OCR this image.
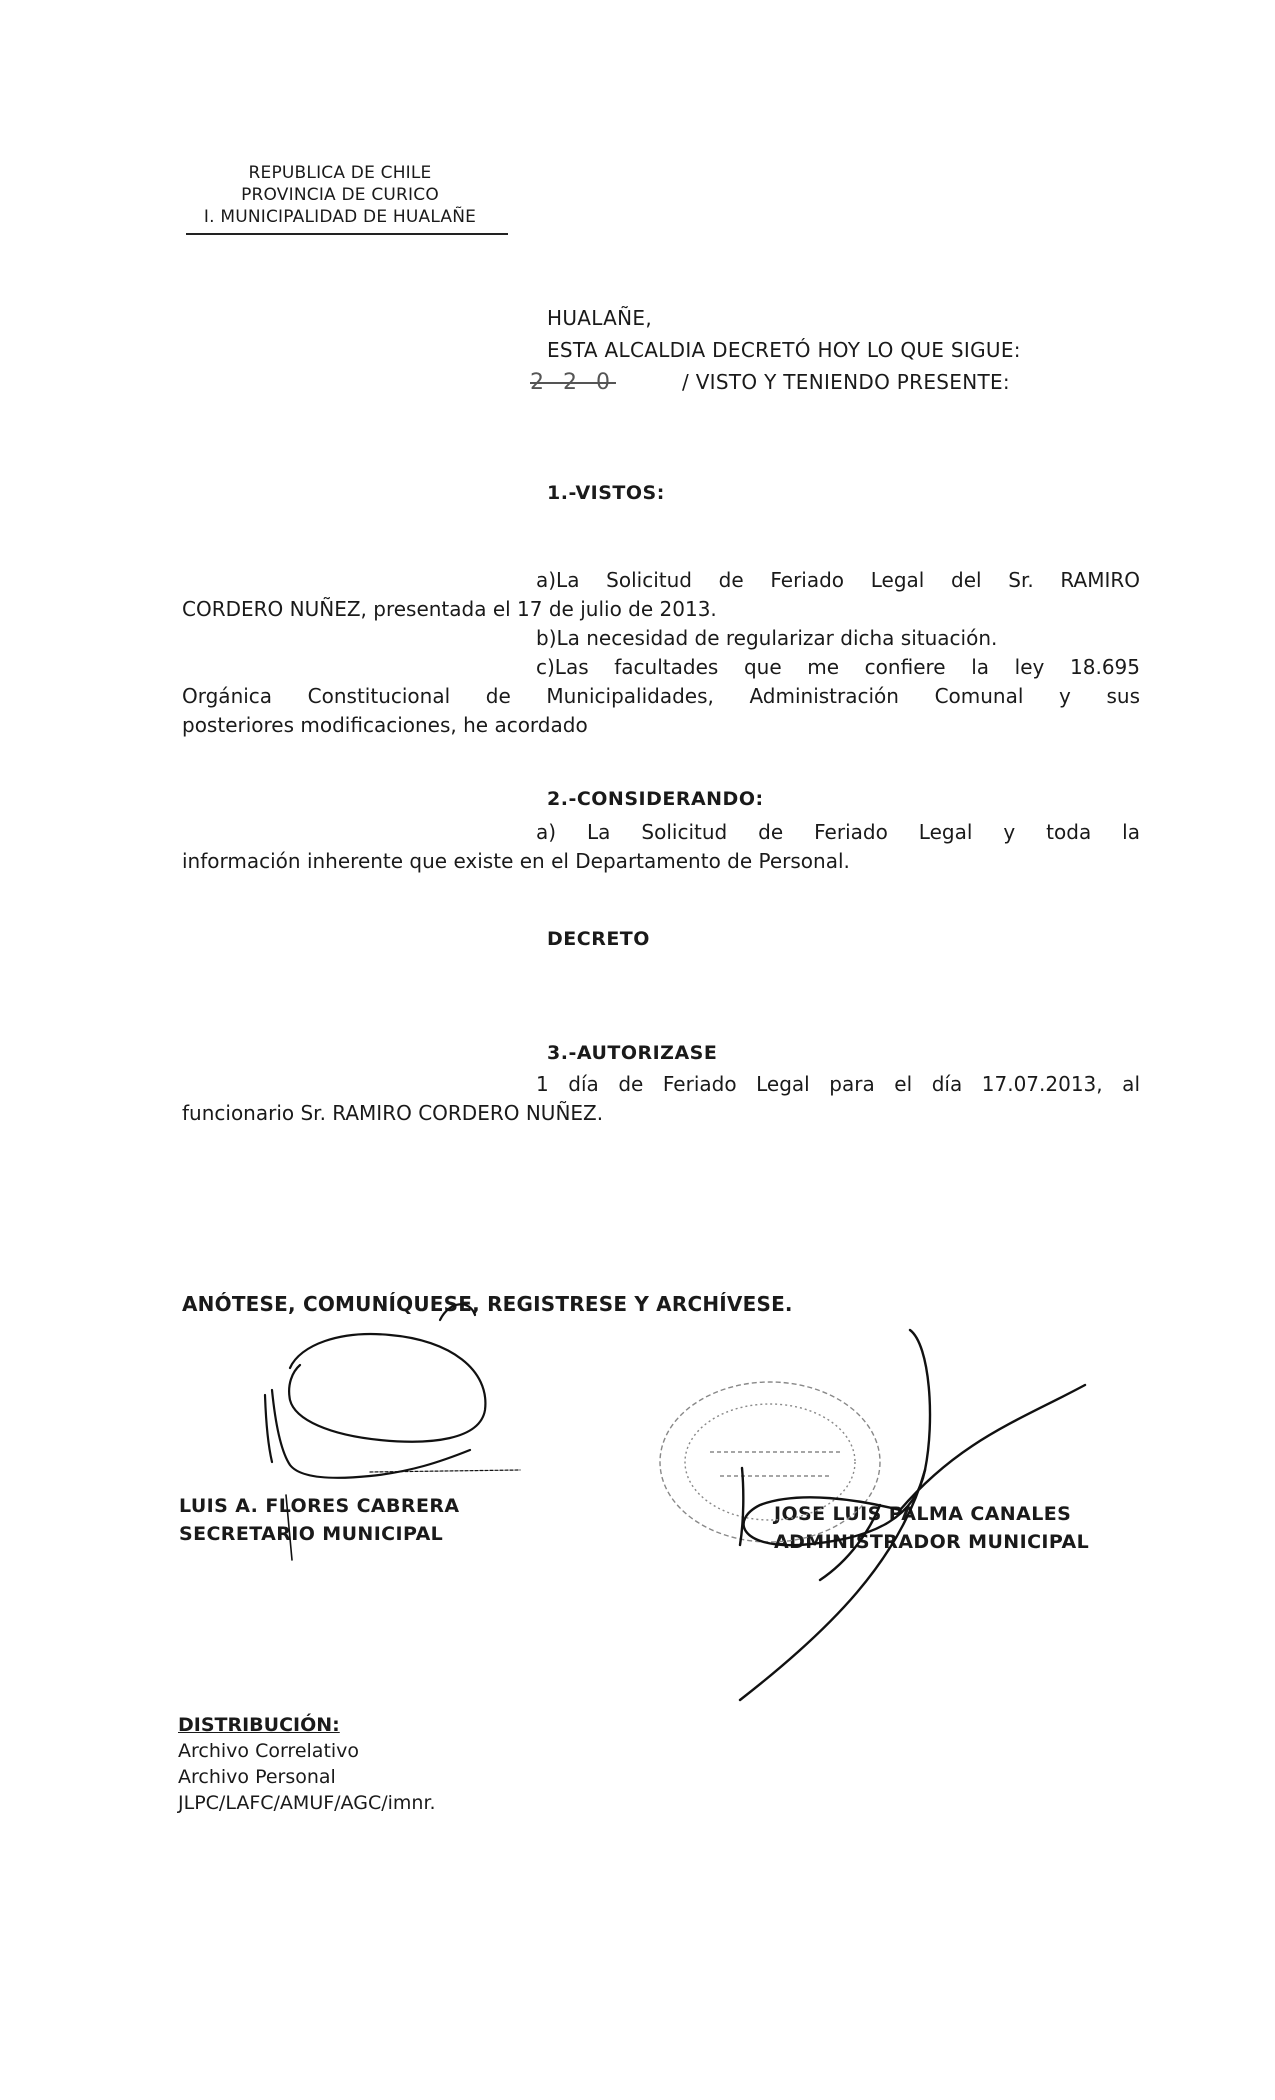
REPUBLICA DE CHILE
PROVINCIA DE CURICO
I. MUNICIPALIDAD DE HUALAÑE
HUALAÑE,
ESTA ALCALDIA DECRETÓ HOY LO QUE SIGUE:
2 2 0	/ VISTO Y TENIENDO PRESENTE:
1.-VISTOS:

a)La Solicitud de Feriado Legal del Sr. RAMIRO

CORDERO NUÑEZ, presentada el 17 de julio de 2013.

b)La necesidad de regularizar dicha situación.

c)Las facultades que me confiere la ley 18.695

Orgánica Constitucional de Municipalidades, Administración Comunal y sus

posteriores modificaciones, he acordado

2.-CONSIDERANDO:

a) La Solicitud de Feriado Legal y toda la

información inherente que existe en el Departamento de Personal.

DECRETO
3.-AUTORIZASE

1 día de Feriado Legal para el día 17.07.2013, al

funcionario Sr. RAMIRO CORDERO NUÑEZ.

ANÓTESE, COMUNÍQUESE, REGISTRESE Y ARCHÍVESE.
LUIS A. FLORES CABRERA
SECRETARIO MUNICIPAL
JOSE LUIS PALMA CANALES
ADMINISTRADOR MUNICIPAL
DISTRIBUCIÓN:
Archivo Correlativo
Archivo Personal
JLPC/LAFC/AMUF/AGC/imnr.
